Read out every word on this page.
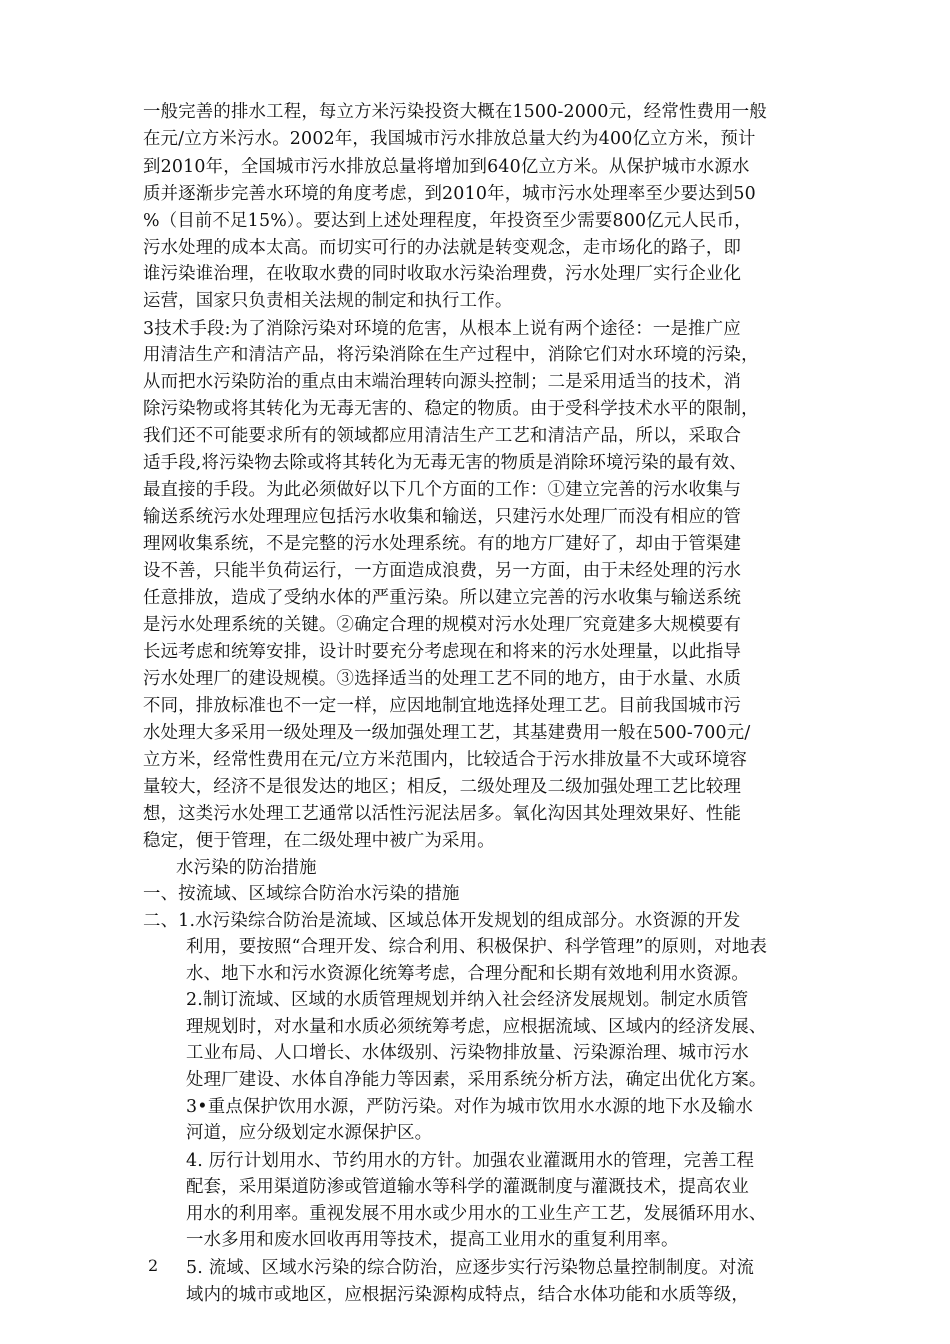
一般完善的排水工程，每立方米污染投资大概在1500-2000元，经常性费用一般
在元/立方米污水。2002年，我国城市污水排放总量大约为400亿立方米，预计
到2010年，全国城市污水排放总量将增加到640亿立方米。从保护城市水源水
质并逐渐步完善水环境的角度考虑，到2010年，城市污水处理率至少要达到50
%（目前不足15%）。要达到上述处理程度，年投资至少需要800亿元人民币，
污水处理的成本太高。而切实可行的办法就是转变观念，走市场化的路子，即
谁污染谁治理，在收取水费的同时收取水污染治理费，污水处理厂实行企业化
运营，国家只负责相关法规的制定和执行工作。
3技术手段:为了消除污染对环境的危害，从根本上说有两个途径：一是推广应
用清洁生产和清洁产品，将污染消除在生产过程中，消除它们对水环境的污染，
从而把水污染防治的重点由末端治理转向源头控制；二是采用适当的技术，消
除污染物或将其转化为无毒无害的、稳定的物质。由于受科学技术水平的限制，
我们还不可能要求所有的领域都应用清洁生产工艺和清洁产品，所以，采取合
适手段,将污染物去除或将其转化为无毒无害的物质是消除环境污染的最有效、
最直接的手段。为此必须做好以下几个方面的工作：①建立完善的污水收集与
输送系统污水处理理应包括污水收集和输送，只建污水处理厂而没有相应的管
理网收集系统，不是完整的污水处理系统。有的地方厂建好了，却由于管渠建
设不善，只能半负荷运行，一方面造成浪费，另一方面，由于未经处理的污水
任意排放，造成了受纳水体的严重污染。所以建立完善的污水收集与输送系统
是污水处理系统的关键。②确定合理的规模对污水处理厂究竟建多大规模要有
长远考虑和统筹安排，设计时要充分考虑现在和将来的污水处理量，以此指导
污水处理厂的建设规模。③选择适当的处理工艺不同的地方，由于水量、水质
不同，排放标准也不一定一样，应因地制宜地选择处理工艺。目前我国城市污
水处理大多采用一级处理及一级加强处理工艺，其基建费用一般在500-700元/
立方米，经常性费用在元/立方米范围内，比较适合于污水排放量不大或环境容
量较大，经济不是很发达的地区；相反，二级处理及二级加强处理工艺比较理
想，这类污水处理工艺通常以活性污泥法居多。氧化沟因其处理效果好、性能
稳定，便于管理，在二级处理中被广为采用。
水污染的防治措施
一、按流域、区域综合防治水污染的措施
二、1.水污染综合防治是流域、区域总体开发规划的组成部分。水资源的开发
利用，要按照“合理开发、综合利用、积极保护、科学管理”的原则，对地表
水、地下水和污水资源化统筹考虑，合理分配和长期有效地利用水资源。
2.制订流域、区域的水质管理规划并纳入社会经济发展规划。制定水质管
理规划时，对水量和水质必须统筹考虑，应根据流域、区域内的经济发展、
工业布局、人口增长、水体级别、污染物排放量、污染源治理、城市污水
处理厂建设、水体自净能力等因素，采用系统分析方法，确定出优化方案。
3•重点保护饮用水源，严防污染。对作为城市饮用水水源的地下水及输水
河道，应分级划定水源保护区。
4. 厉行计划用水、节约用水的方针。加强农业灌溉用水的管理，完善工程
配套，采用渠道防渗或管道输水等科学的灌溉制度与灌溉技术，提高农业
用水的利用率。重视发展不用水或少用水的工业生产工艺，发展循环用水、
一水多用和废水回收再用等技术，提高工业用水的重复利用率。
5. 流域、区域水污染的综合防治，应逐步实行污染物总量控制制度。对流
域内的城市或地区，应根据污染源构成特点，结合水体功能和水质等级，
2
